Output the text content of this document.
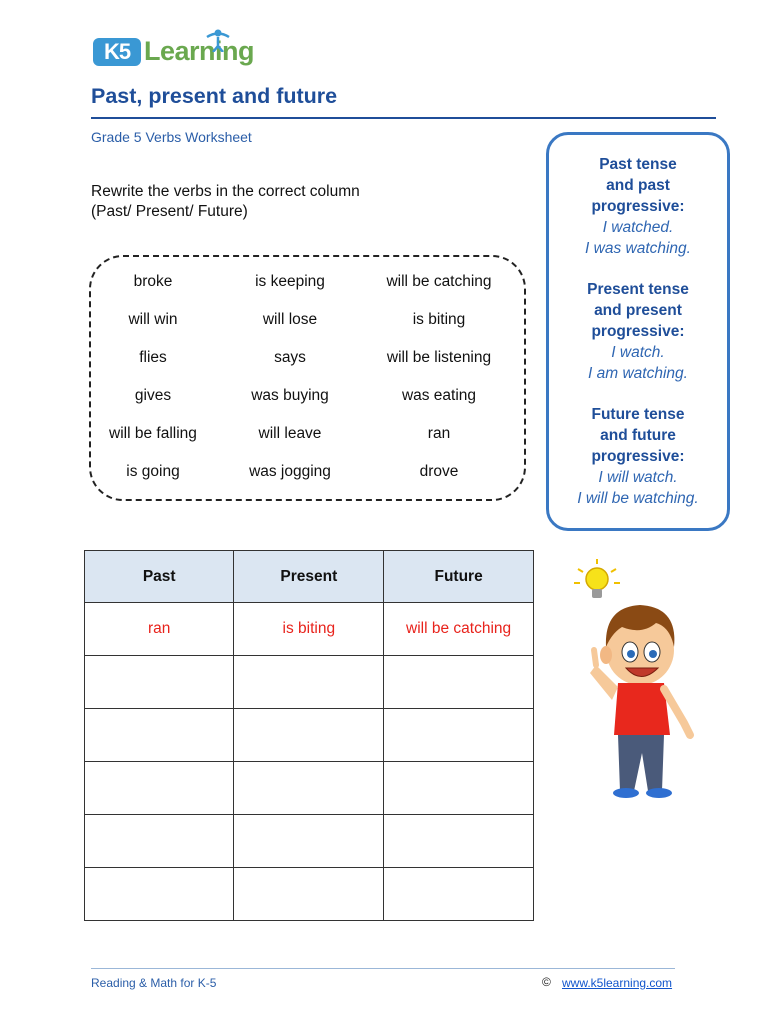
K5 Learning
Past, present and future
Grade 5 Verbs Worksheet
Rewrite the verbs in the correct column
(Past/ Present/ Future)
broke	is keeping	will be catching
will win	will lose	is biting
flies	says	will be listening
gives	was buying	was eating
will be falling	will leave	ran
is going	was jogging	drove
Past tense
and past
progressive:
I watched.
I was watching.
Present tense
and present
progressive:
I watch.
I am watching.
Future tense
and future
progressive:
I will watch.
I will be watching.
Past	Present	Future
ran	is biting	will be catching

Reading & Math for K-5	© www.k5learning.com
